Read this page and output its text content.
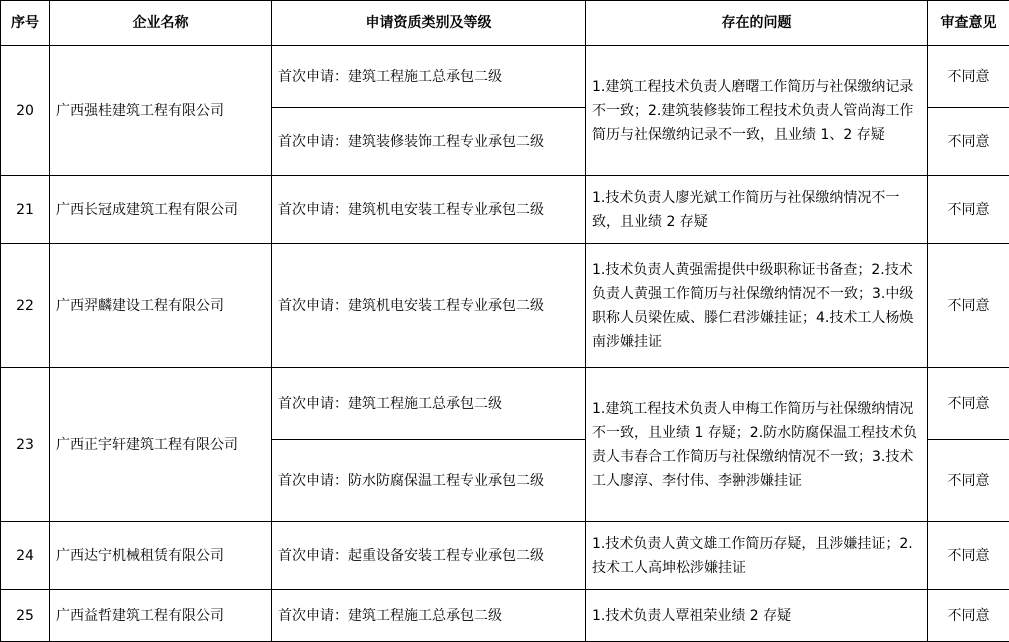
序号	企业名称	申请资质类别及等级	存在的问题	审查意见
20	广西强桂建筑工程有限公司	首次申请：建筑工程施工总承包二级	1.建筑工程技术负责人磨曙工作简历与社保缴纳记录不一致；2.建筑装修装饰工程技术负责人管尚海工作简历与社保缴纳记录不一致，且业绩 1、2 存疑	不同意
		首次申请：建筑装修装饰工程专业承包二级		不同意
21	广西长冠成建筑工程有限公司	首次申请：建筑机电安装工程专业承包二级	1.技术负责人廖光斌工作简历与社保缴纳情况不一致，且业绩 2 存疑	不同意
22	广西羿麟建设工程有限公司	首次申请：建筑机电安装工程专业承包二级	1.技术负责人黄强需提供中级职称证书备查；2.技术负责人黄强工作简历与社保缴纳情况不一致；3.中级职称人员梁佐威、滕仁君涉嫌挂证；4.技术工人杨焕南涉嫌挂证	不同意
23	广西正宇轩建筑工程有限公司	首次申请：建筑工程施工总承包二级	1.建筑工程技术负责人申梅工作简历与社保缴纳情况不一致，且业绩 1 存疑；2.防水防腐保温工程技术负责人韦春合工作简历与社保缴纳情况不一致；3.技术工人廖淳、李付伟、李翀涉嫌挂证	不同意
		首次申请：防水防腐保温工程专业承包二级		不同意
24	广西达宁机械租赁有限公司	首次申请：起重设备安装工程专业承包二级	1.技术负责人黄文雄工作简历存疑，且涉嫌挂证；2.技术工人高坤松涉嫌挂证	不同意
25	广西益哲建筑工程有限公司	首次申请：建筑工程施工总承包二级	1.技术负责人覃祖荣业绩 2 存疑	不同意
